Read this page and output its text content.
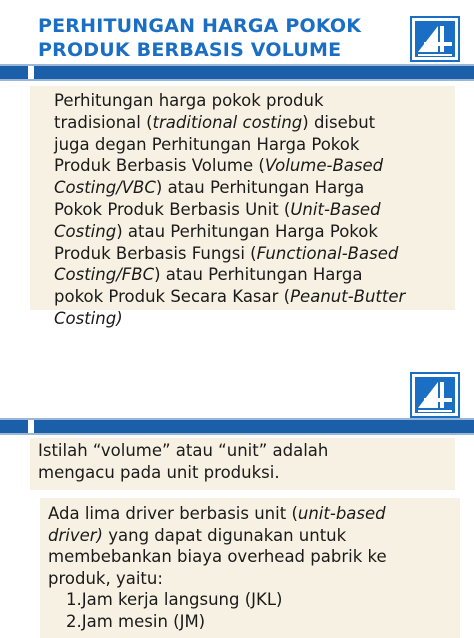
PERHITUNGAN HARGA POKOK
PRODUK BERBASIS VOLUME
Perhitungan harga pokok produk
tradisional (traditional costing) disebut
juga degan Perhitungan Harga Pokok
Produk Berbasis Volume (Volume-Based
Costing/VBC) atau Perhitungan Harga
Pokok Produk Berbasis Unit (Unit-Based
Costing) atau Perhitungan Harga Pokok
Produk Berbasis Fungsi (Functional-Based
Costing/FBC) atau Perhitungan Harga
pokok Produk Secara Kasar (Peanut-Butter
Costing)
Istilah “volume” atau “unit” adalah
mengacu pada unit produksi.
Ada lima driver berbasis unit (unit-based
driver) yang dapat digunakan untuk
membebankan biaya overhead pabrik ke
produk, yaitu:
1.Jam kerja langsung (JKL)
2.Jam mesin (JM)
